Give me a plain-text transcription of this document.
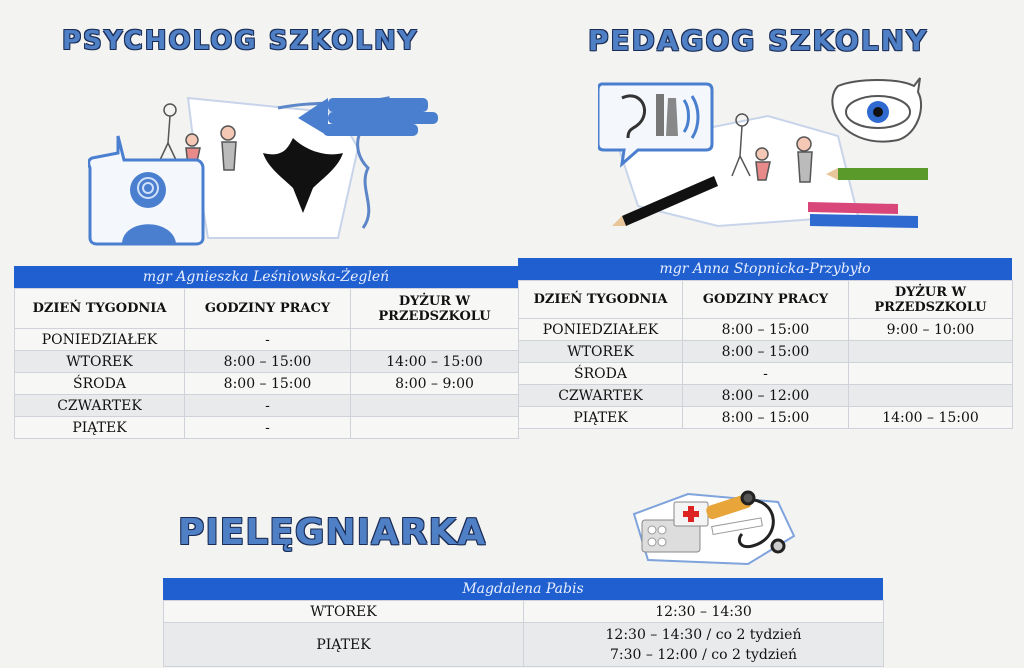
PSYCHOLOG SZKOLNY	PEDAGOG SZKOLNY
PIELĘGNIARKA
mgr Agnieszka Leśniowska-Żegleń
DZIEŃ TYGODNIA	GODZINY PRACY	DYŻUR W PRZEDSZKOLU
PONIEDZIAŁEK	-	
WTOREK	8:00 – 15:00	14:00 – 15:00
ŚRODA	8:00 – 15:00	8:00 – 9:00
CZWARTEK	-	
PIĄTEK	-	
mgr Anna Stopnicka-Przybyło
DZIEŃ TYGODNIA	GODZINY PRACY	DYŻUR W PRZEDSZKOLU
PONIEDZIAŁEK	8:00 – 15:00	9:00 – 10:00
WTOREK	8:00 – 15:00	
ŚRODA	-	
CZWARTEK	8:00 – 12:00	
PIĄTEK	8:00 – 15:00	14:00 – 15:00
Magdalena Pabis
WTOREK	12:30 – 14:30
PIĄTEK	12:30 – 14:30 / co 2 tydzień
7:30 – 12:00 / co 2 tydzień
